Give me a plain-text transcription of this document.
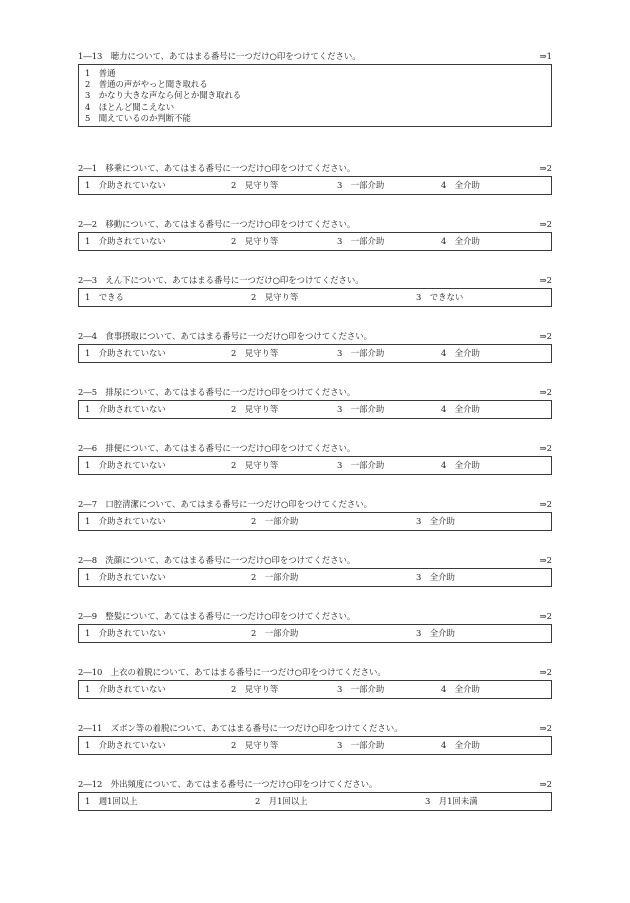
1―13　聴力について、あてはまる番号に一つだけ○印をつけてください。	⇒1
1　普通
2　普通の声がやっと聞き取れる
3　かなり大きな声なら何とか聞き取れる
4　ほとんど聞こえない
5　聞えているのか判断不能
2―1　移乗について、あてはまる番号に一つだけ○印をつけてください。	⇒2
1　介助されていない	2　見守り等	3　一部介助	4　全介助
2―2　移動について、あてはまる番号に一つだけ○印をつけてください。	⇒2
1　介助されていない	2　見守り等	3　一部介助	4　全介助
2―3　えん下について、あてはまる番号に一つだけ○印をつけてください。	⇒2
1　できる	2　見守り等	3　できない
2―4　食事摂取について、あてはまる番号に一つだけ○印をつけてください。	⇒2
1　介助されていない	2　見守り等	3　一部介助	4　全介助
2―5　排尿について、あてはまる番号に一つだけ○印をつけてください。	⇒2
1　介助されていない	2　見守り等	3　一部介助	4　全介助
2―6　排便について、あてはまる番号に一つだけ○印をつけてください。	⇒2
1　介助されていない	2　見守り等	3　一部介助	4　全介助
2―7　口腔清潔について、あてはまる番号に一つだけ○印をつけてください。	⇒2
1　介助されていない	2　一部介助	3　全介助
2―8　洗顔について、あてはまる番号に一つだけ○印をつけてください。	⇒2
1　介助されていない	2　一部介助	3　全介助
2―9　整髪について、あてはまる番号に一つだけ○印をつけてください。	⇒2
1　介助されていない	2　一部介助	3　全介助
2―10　上衣の着脱について、あてはまる番号に一つだけ○印をつけてください。	⇒2
1　介助されていない	2　見守り等	3　一部介助	4　全介助
2―11　ズボン等の着脱について、あてはまる番号に一つだけ○印をつけてください。	⇒2
1　介助されていない	2　見守り等	3　一部介助	4　全介助
2―12　外出頻度について、あてはまる番号に一つだけ○印をつけてください。	⇒2
1　週1回以上	2　月1回以上	3　月1回未満
